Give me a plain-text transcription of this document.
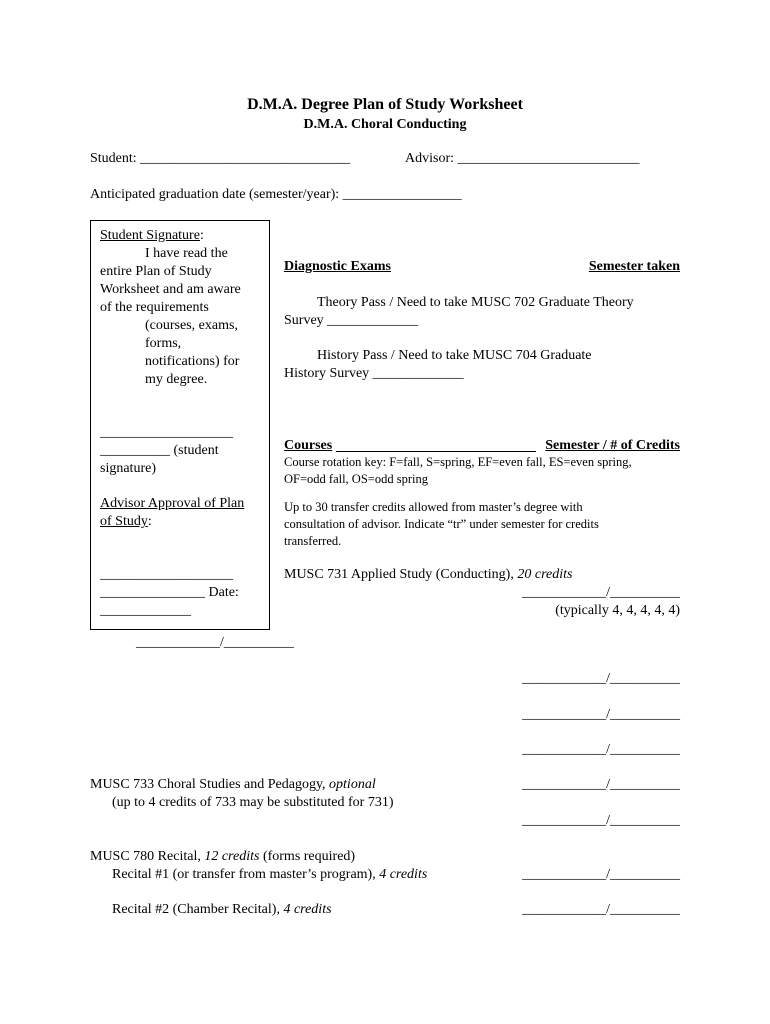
D.M.A. Degree Plan of Study Worksheet
D.M.A. Choral Conducting
Student: ______________________________	Advisor: __________________________
Anticipated graduation date (semester/year): _________________
Student Signature:
I have read the
entire Plan of Study
Worksheet and am aware
of the requirements
(courses, exams,
forms,
notifications) for
my degree.
___________________
__________ (student
signature)
Advisor Approval of Plan
of Study:
___________________
_______________ Date:
_____________
____________/__________
Diagnostic Exams	Semester taken
Theory Pass / Need to take MUSC 702 Graduate Theory
Survey _____________
History Pass / Need to take MUSC 704 Graduate
History Survey _____________
Courses	Semester / # of Credits
Course rotation key: F=fall, S=spring, EF=even fall, ES=even spring,
OF=odd fall, OS=odd spring
Up to 30 transfer credits allowed from master’s degree with
consultation of advisor. Indicate “tr” under semester for credits
transferred.
MUSC 731 Applied Study (Conducting), 20 credits
____________/__________
(typically 4, 4, 4, 4, 4)
____________/__________
____________/__________
____________/__________
MUSC 733 Choral Studies and Pedagogy, optional	____________/__________
(up to 4 credits of 733 may be substituted for 731)
____________/__________
MUSC 780 Recital, 12 credits (forms required)
Recital #1 (or transfer from master’s program), 4 credits	____________/__________
Recital #2 (Chamber Recital), 4 credits	____________/__________
